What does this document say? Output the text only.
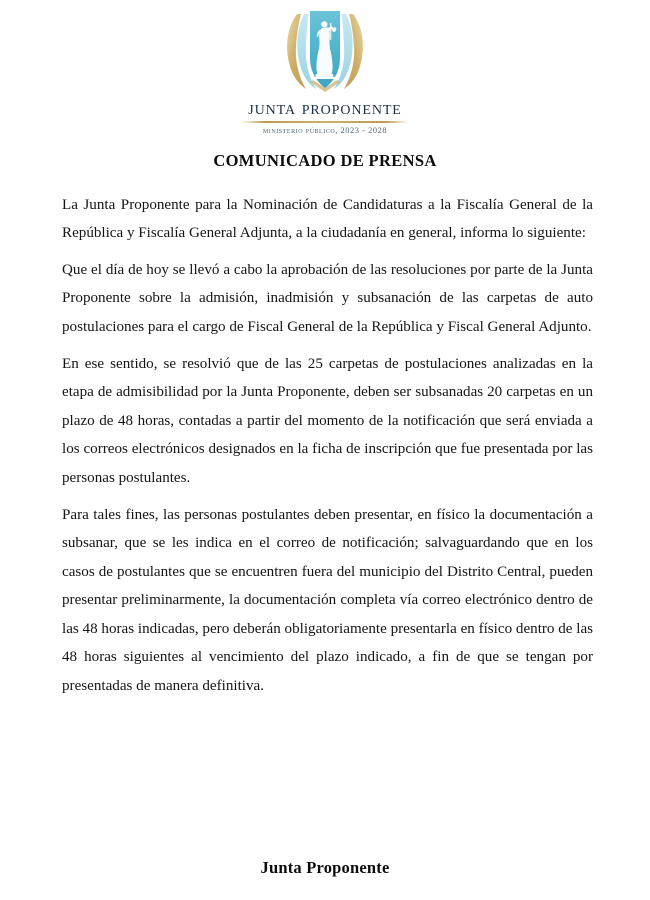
junta proponente
ministerio público, 2023 - 2028
COMUNICADO DE PRENSA

La Junta Proponente para la Nominación de Candidaturas a la Fiscalía General de la República y Fiscalía General Adjunta, a la ciudadanía en general, informa lo siguiente:

Que el día de hoy se llevó a cabo la aprobación de las resoluciones por parte de la Junta Proponente sobre la admisión, inadmisión y subsanación de las carpetas de auto postulaciones para el cargo de Fiscal General de la República y Fiscal General Adjunto.

En ese sentido, se resolvió que de las 25 carpetas de postulaciones analizadas en la etapa de admisibilidad por la Junta Proponente, deben ser subsanadas 20 carpetas en un plazo de 48 horas, contadas a partir del momento de la notificación que será enviada a los correos electrónicos designados en la ficha de inscripción que fue presentada por las personas postulantes.

Para tales fines, las personas postulantes deben presentar, en físico la documentación a subsanar, que se les indica en el correo de notificación; salvaguardando que en los casos de postulantes que se encuentren fuera del municipio del Distrito Central, pueden presentar preliminarmente, la documentación completa vía correo electrónico dentro de las 48 horas indicadas, pero deberán obligatoriamente presentarla en físico dentro de las 48 horas siguientes al vencimiento del plazo indicado, a fin de que se tengan por presentadas de manera definitiva.

Junta Proponente
